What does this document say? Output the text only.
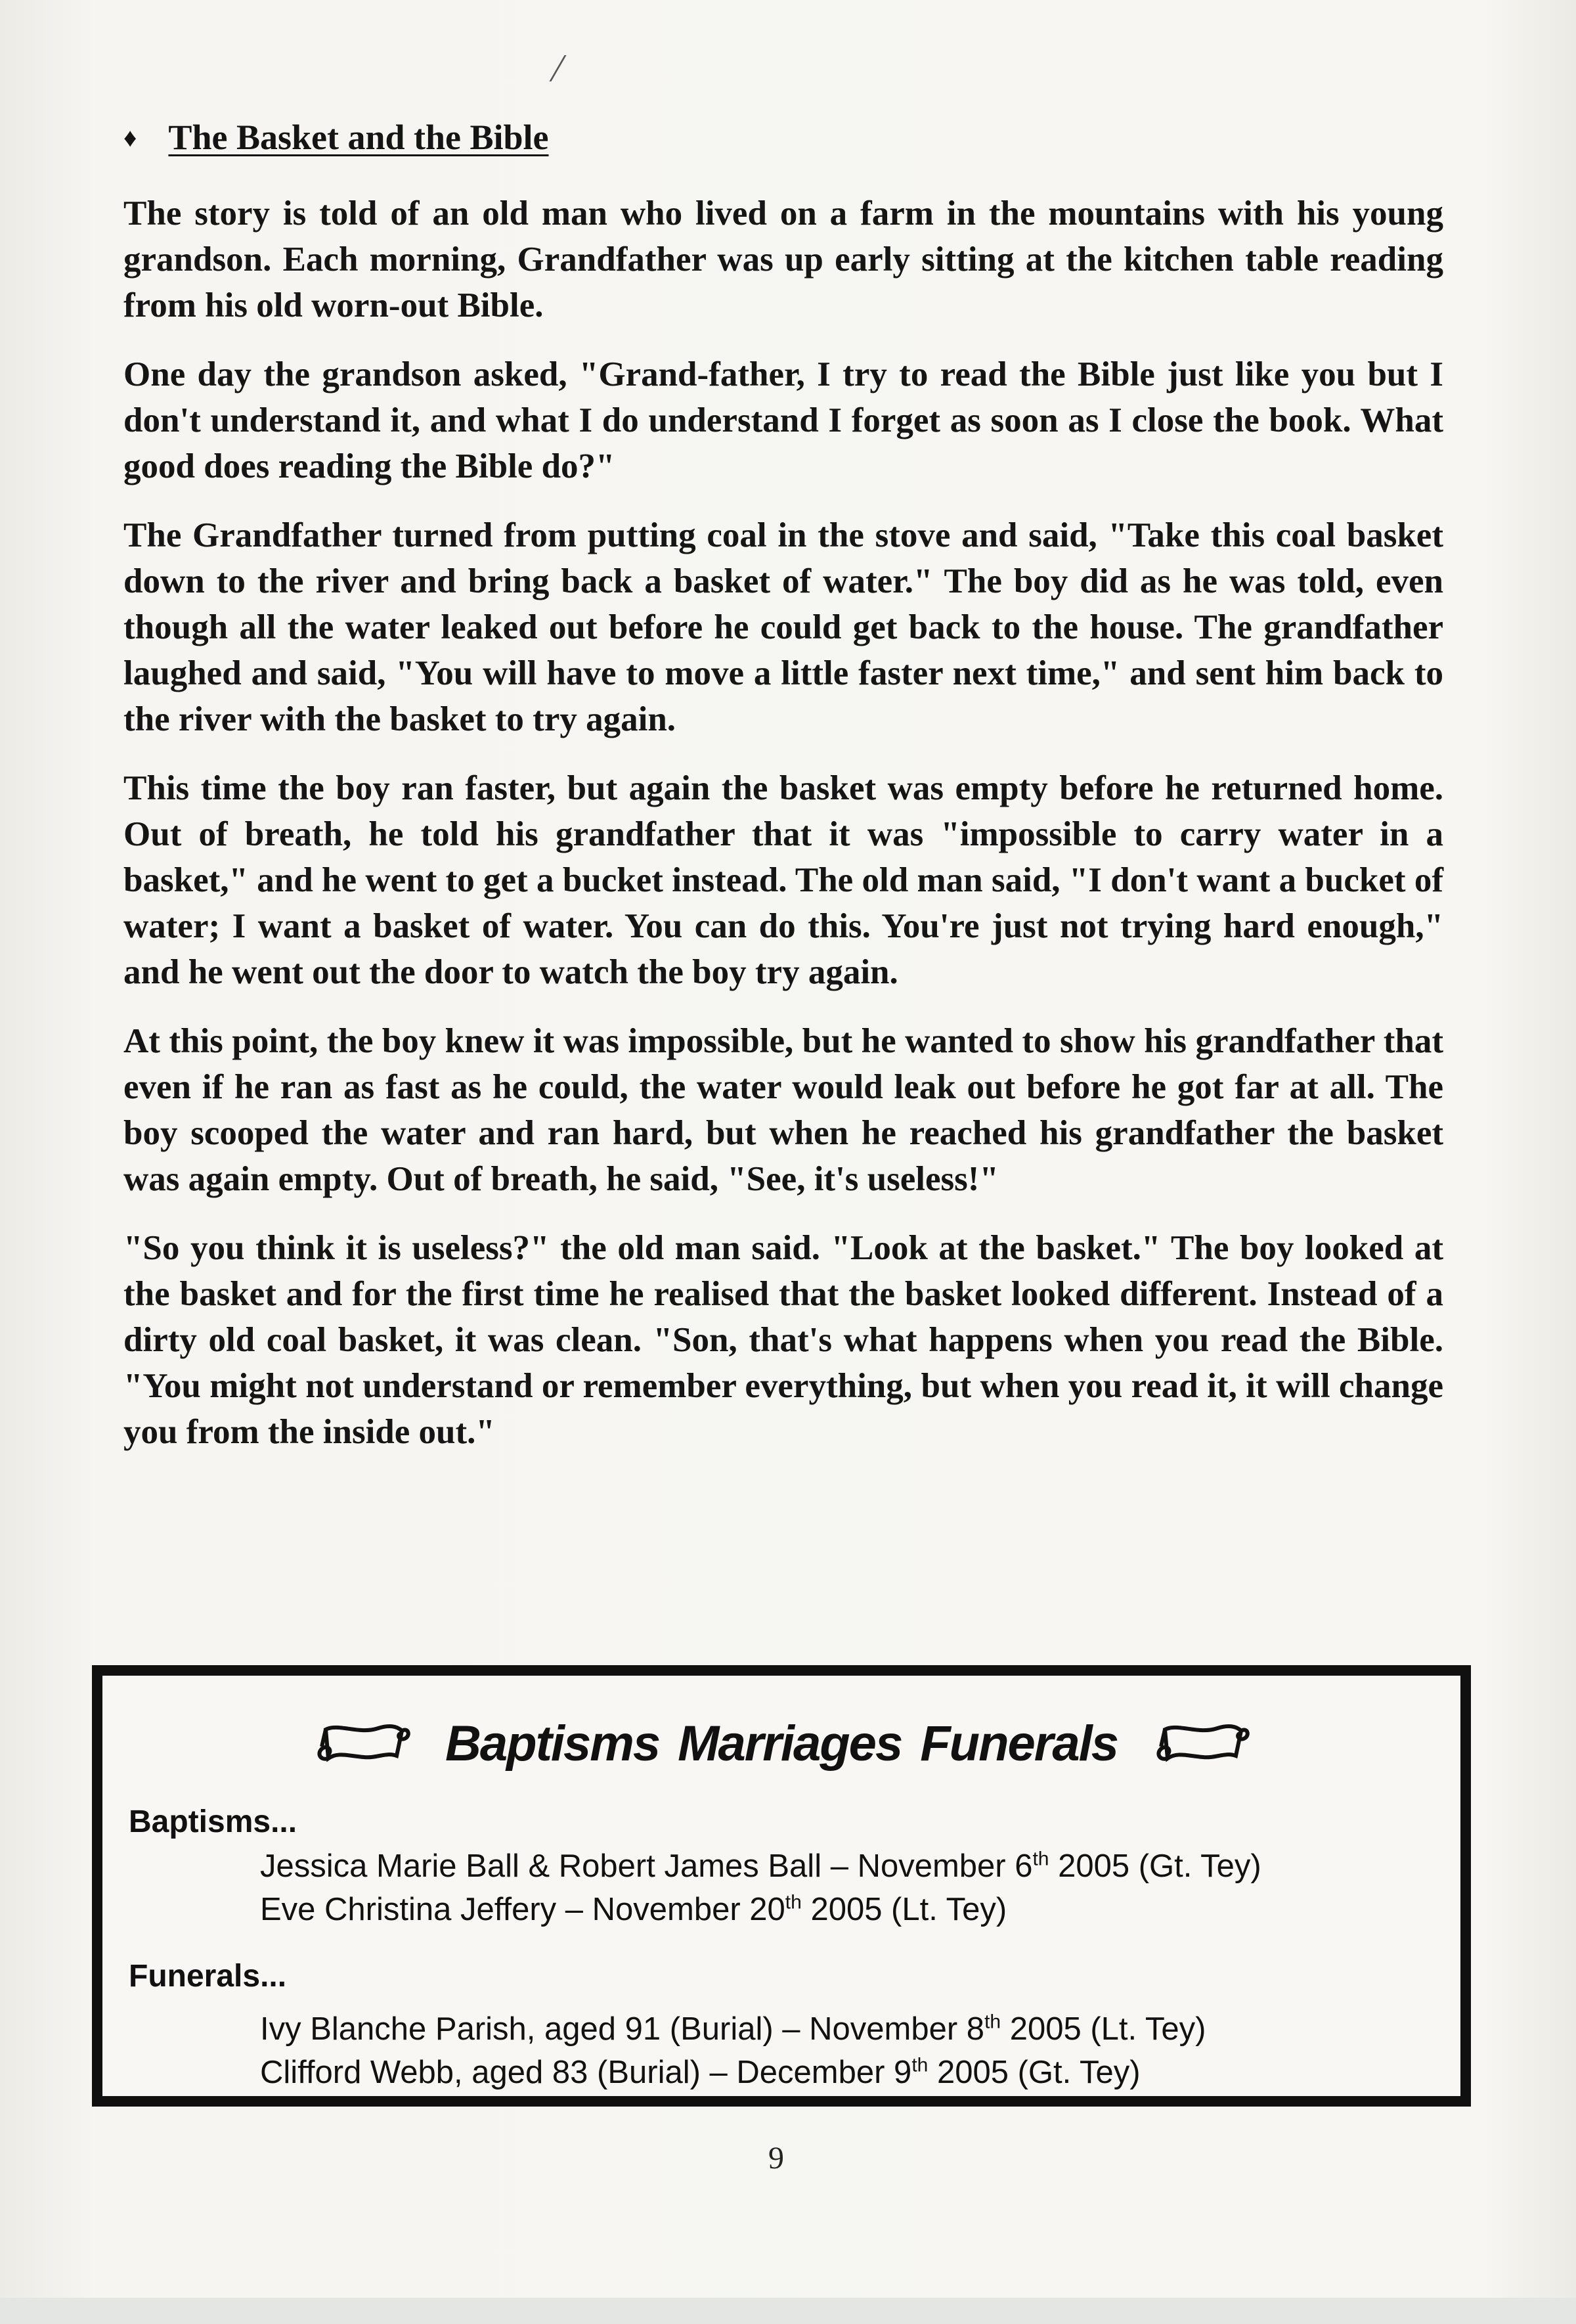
♦ The Basket and the Bible

The story is told of an old man who lived on a farm in the mountains with his young grandson. Each morning, Grandfather was up early sitting at the kitchen table reading from his old worn-out Bible.

One day the grandson asked, "Grand-father, I try to read the Bible just like you but I don't understand it, and what I do understand I forget as soon as I close the book. What good does reading the Bible do?"

The Grandfather turned from putting coal in the stove and said, "Take this coal basket down to the river and bring back a basket of water." The boy did as he was told, even though all the water leaked out before he could get back to the house. The grandfather laughed and said, "You will have to move a little faster next time," and sent him back to the river with the basket to try again.

This time the boy ran faster, but again the basket was empty before he returned home. Out of breath, he told his grandfather that it was "impossible to carry water in a basket," and he went to get a bucket instead. The old man said, "I don't want a bucket of water; I want a basket of water. You can do this. You're just not trying hard enough," and he went out the door to watch the boy try again.

At this point, the boy knew it was impossible, but he wanted to show his grandfather that even if he ran as fast as he could, the water would leak out before he got far at all. The boy scooped the water and ran hard, but when he reached his grandfather the basket was again empty. Out of breath, he said, "See, it's useless!"

"So you think it is useless?" the old man said. "Look at the basket." The boy looked at the basket and for the first time he realised that the basket looked different. Instead of a dirty old coal basket, it was clean. "Son, that's what happens when you read the Bible. "You might not understand or remember everything, but when you read it, it will change you from the inside out."

Baptisms Marriages Funerals
Baptisms...
Jessica Marie Ball & Robert James Ball – November 6th 2005 (Gt. Tey)
Eve Christina Jeffery – November 20th 2005 (Lt. Tey)
Funerals...
Ivy Blanche Parish, aged 91 (Burial) – November 8th 2005 (Lt. Tey)
Clifford Webb, aged 83 (Burial) – December 9th 2005 (Gt. Tey)
9
